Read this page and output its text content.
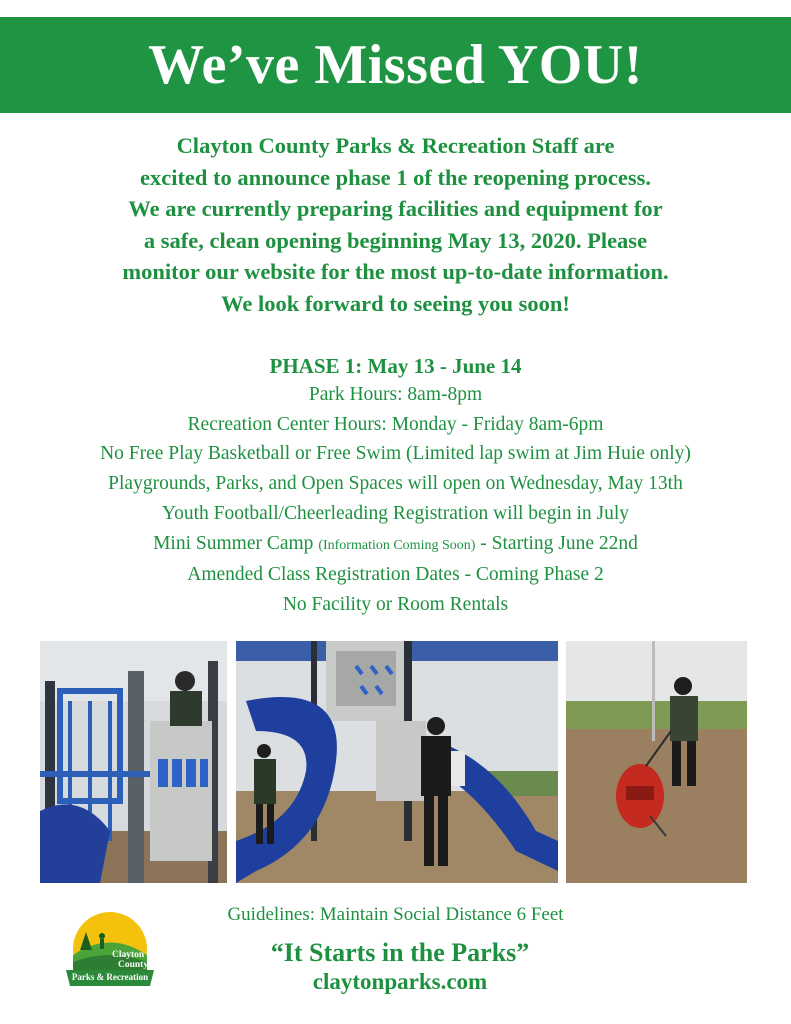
We’ve Missed YOU!
Clayton County Parks & Recreation Staff are
excited to announce phase 1 of the reopening process.
We are currently preparing facilities and equipment for
a safe, clean opening beginning May 13, 2020. Please
monitor our website for the most up-to-date information.
We look forward to seeing you soon!
PHASE 1: May 13 - June 14
Park Hours: 8am-8pm
Recreation Center Hours: Monday - Friday 8am-6pm
No Free Play Basketball or Free Swim (Limited lap swim at Jim Huie only)
Playgrounds, Parks, and Open Spaces will open on Wednesday, May 13th
Youth Football/Cheerleading Registration will begin in July
Mini Summer Camp (Information Coming Soon) - Starting June 22nd
Amended Class Registration Dates - Coming Phase 2
No Facility or Room Rentals
Clayton
County
Parks & Recreation
Guidelines: Maintain Social Distance 6 Feet
“It Starts in the Parks”
claytonparks.com
